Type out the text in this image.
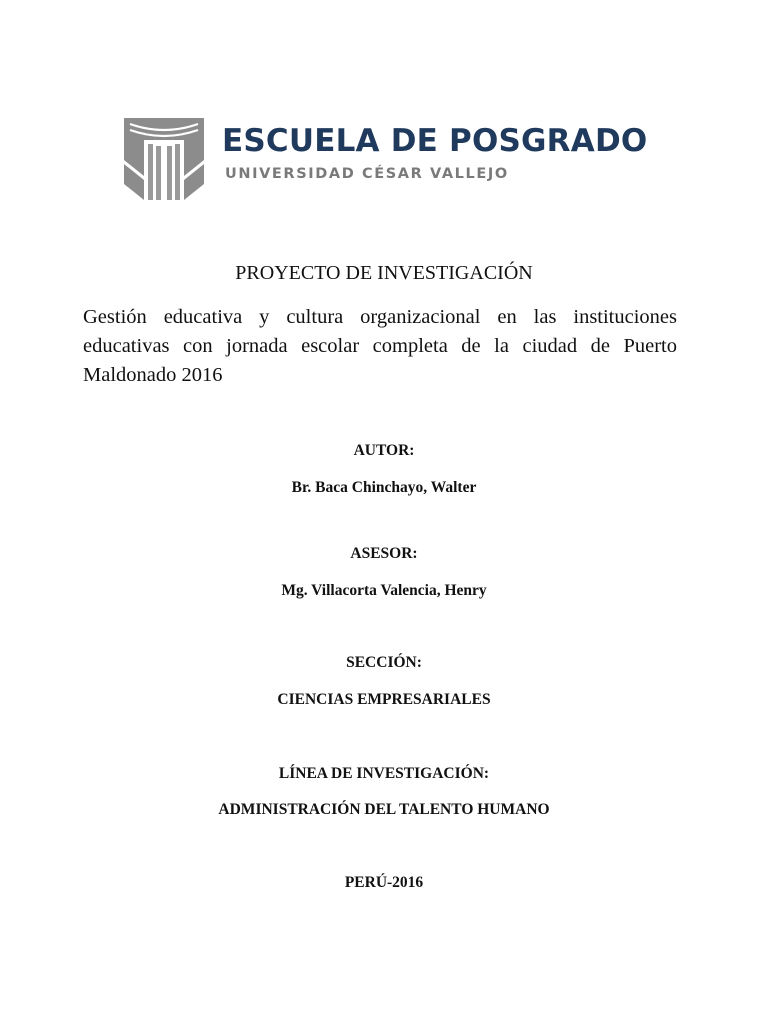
ESCUELA DE POSGRADO
UNIVERSIDAD CÉSAR VALLEJO
PROYECTO DE INVESTIGACIÓN
Gestión educativa y cultura organizacional en las instituciones educativas con jornada escolar completa de la ciudad de Puerto Maldonado 2016
AUTOR:
Br. Baca Chinchayo, Walter
ASESOR:
Mg. Villacorta Valencia, Henry
SECCIÓN:
CIENCIAS EMPRESARIALES
LÍNEA DE INVESTIGACIÓN:
ADMINISTRACIÓN DEL TALENTO HUMANO
PERÚ-2016
